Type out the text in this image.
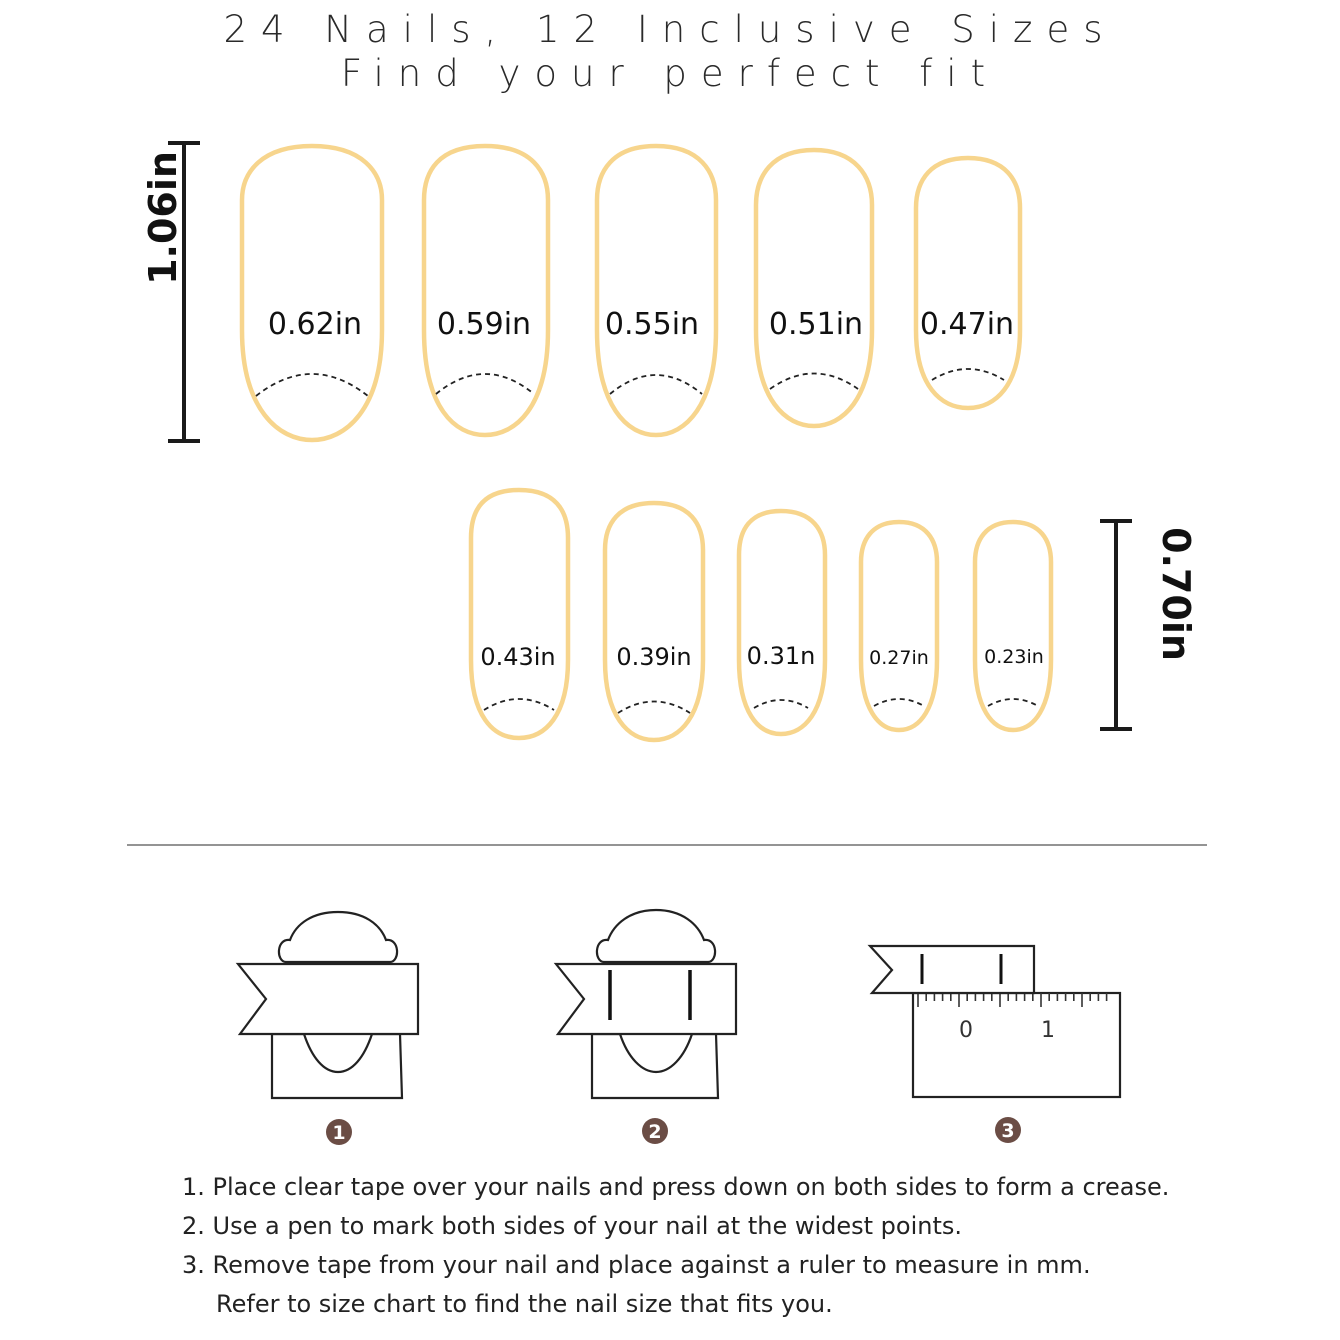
24 Nails, 12 Inclusive Sizes
Find your perfect fit
1.06in
0.62in 0.59in 0.55in 0.51in 0.47in
0.43in	0.39in 0.31n	0.27in	0.23in	0.70in
1	2
0	1
3
1. Place clear tape over your nails and press down on both sides to form a crease.
2. Use a pen to mark both sides of your nail at the widest points.
3. Remove tape from your nail and place against a ruler to measure in mm.
Refer to size chart to find the nail size that fits you.
